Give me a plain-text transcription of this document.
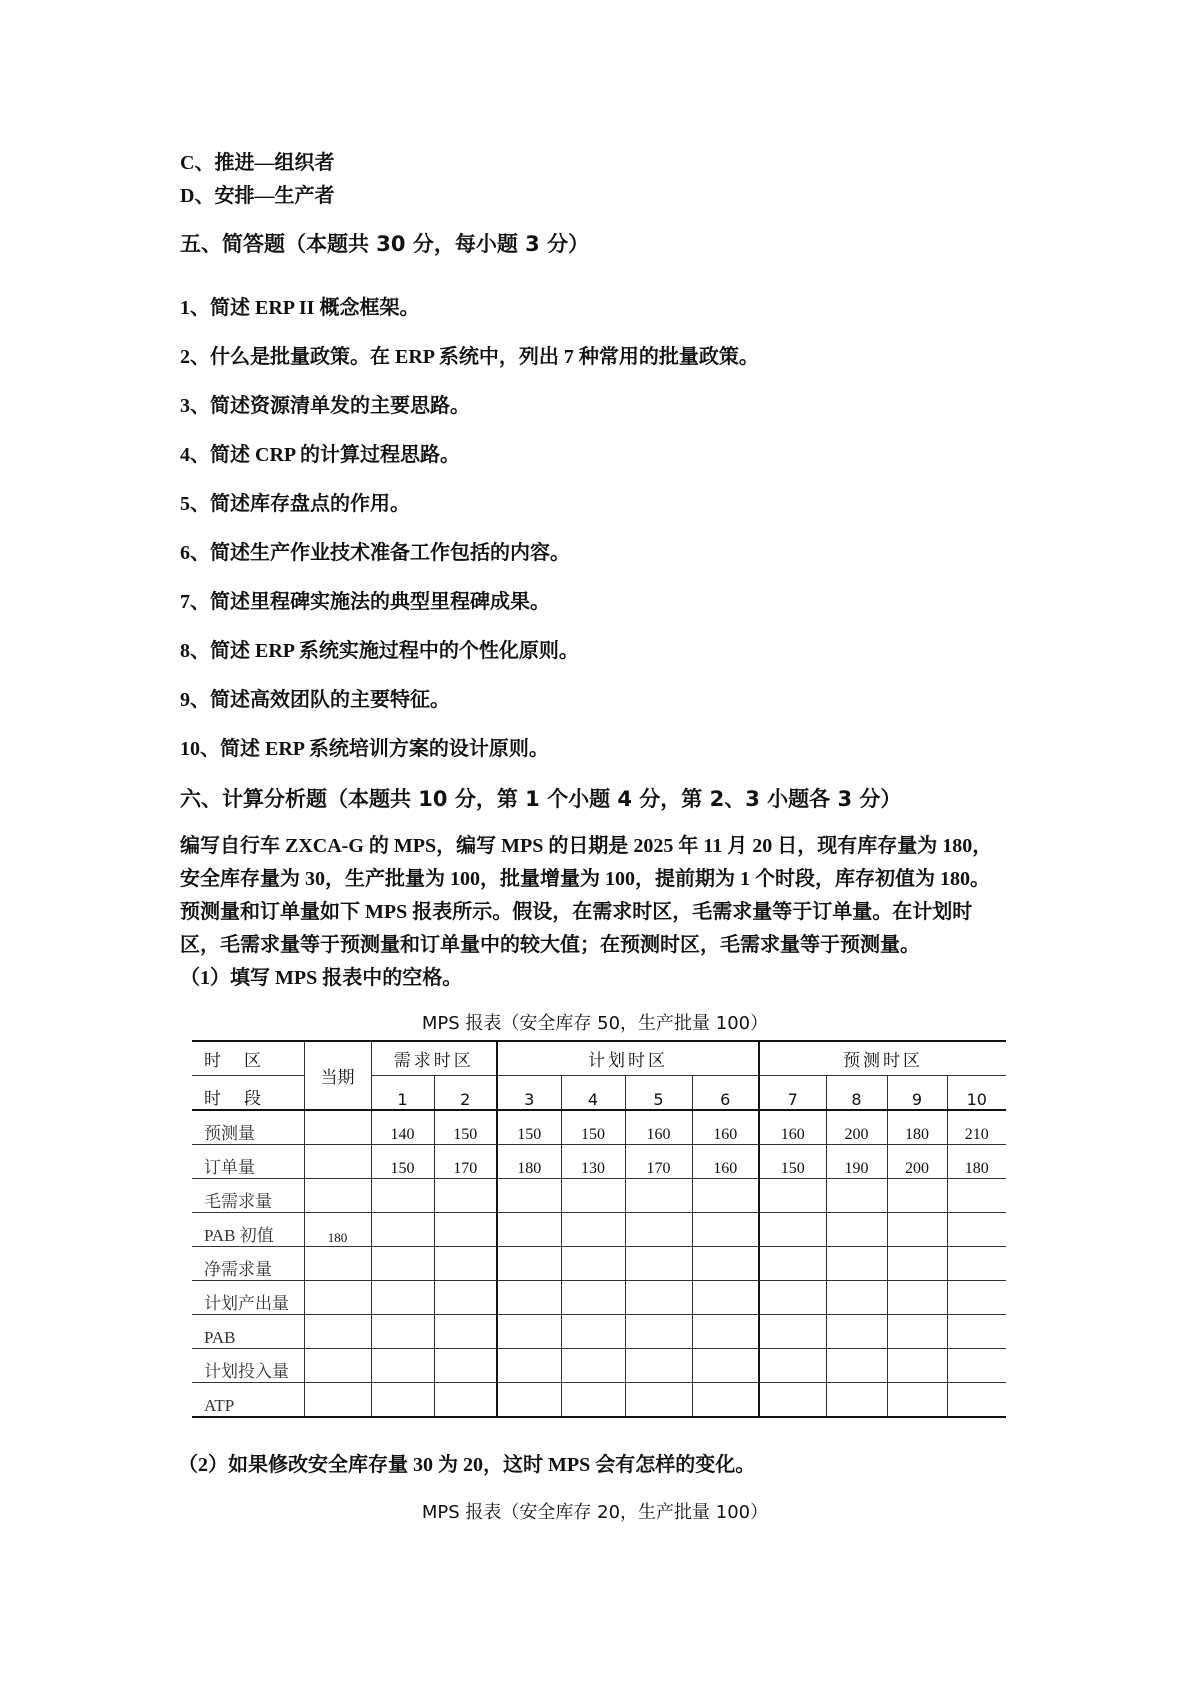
C、推进—组织者
D、安排—生产者
五、简答题（本题共 30 分，每小题 3 分）
1、简述 ERP II 概念框架。
2、什么是批量政策。在 ERP 系统中，列出 7 种常用的批量政策。
3、简述资源清单发的主要思路。
4、简述 CRP 的计算过程思路。
5、简述库存盘点的作用。
6、简述生产作业技术准备工作包括的内容。
7、简述里程碑实施法的典型里程碑成果。
8、简述 ERP 系统实施过程中的个性化原则。
9、简述高效团队的主要特征。
10、简述 ERP 系统培训方案的设计原则。
六、计算分析题（本题共 10 分，第 1 个小题 4 分，第 2、3 小题各 3 分）
编写自行车 ZXCA-G 的 MPS，编写 MPS 的日期是 2025 年 11 月 20 日，现有库存量为 180，
安全库存量为 30，生产批量为 100，批量增量为 100，提前期为 1 个时段，库存初值为 180。
预测量和订单量如下 MPS 报表所示。假设，在需求时区，毛需求量等于订单量。在计划时
区，毛需求量等于预测量和订单量中的较大值；在预测时区，毛需求量等于预测量。
（1）填写 MPS 报表中的空格。
MPS 报表（安全库存 50，生产批量 100）
时　区	当期	需求时区		计划时区				预测时区			
时　段		1	2	3	4	5	6	7	8	9	10
预测量		140	150	150	150	160	160	160	200	180	210
订单量		150	170	180	130	170	160	150	190	200	180
毛需求量											
PAB 初值	180										
净需求量											
计划产出量											
PAB											
计划投入量											
ATP											
（2）如果修改安全库存量 30 为 20，这时 MPS 会有怎样的变化。
MPS 报表（安全库存 20，生产批量 100）
